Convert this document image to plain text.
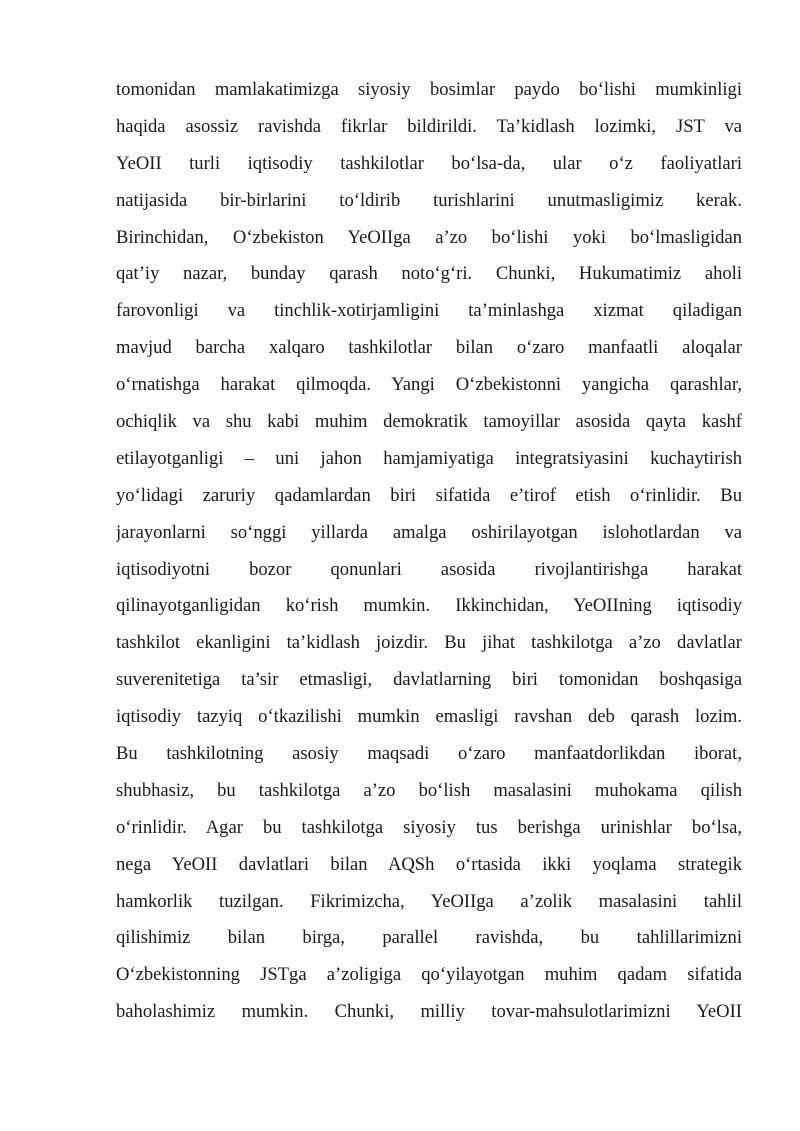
tomonidan mamlakatimizga siyosiy bosimlar paydo boʻlishi mumkinligi
haqida asossiz ravishda fikrlar bildirildi. Ta’kidlash lozimki, JST va
YeOII turli iqtisodiy tashkilotlar boʻlsa-da, ular oʻz faoliyatlari
natijasida bir-birlarini toʻldirib turishlarini unutmasligimiz kerak.
Birinchidan, Oʻzbekiston YeOIIga a’zo boʻlishi yoki boʻlmasligidan
qat’iy nazar, bunday qarash notoʻgʻri. Chunki, Hukumatimiz aholi
farovonligi va tinchlik-xotirjamligini ta’minlashga xizmat qiladigan
mavjud barcha xalqaro tashkilotlar bilan oʻzaro manfaatli aloqalar
oʻrnatishga harakat qilmoqda. Yangi Oʻzbekistonni yangicha qarashlar,
ochiqlik va shu kabi muhim demokratik tamoyillar asosida qayta kashf
etilayotganligi – uni jahon hamjamiyatiga integratsiyasini kuchaytirish
yoʻlidagi zaruriy qadamlardan biri sifatida e’tirof etish oʻrinlidir. Bu
jarayonlarni soʻnggi yillarda amalga oshirilayotgan islohotlardan va
iqtisodiyotni bozor qonunlari asosida rivojlantirishga harakat
qilinayotganligidan koʻrish mumkin. Ikkinchidan, YeOIIning iqtisodiy
tashkilot ekanligini ta’kidlash joizdir. Bu jihat tashkilotga a’zo davlatlar
suverenitetiga ta’sir etmasligi, davlatlarning biri tomonidan boshqasiga
iqtisodiy tazyiq oʻtkazilishi mumkin emasligi ravshan deb qarash lozim.
Bu tashkilotning asosiy maqsadi oʻzaro manfaatdorlikdan iborat,
shubhasiz, bu tashkilotga a’zo boʻlish masalasini muhokama qilish
oʻrinlidir. Agar bu tashkilotga siyosiy tus berishga urinishlar boʻlsa,
nega YeOII davlatlari bilan AQSh oʻrtasida ikki yoqlama strategik
hamkorlik tuzilgan. Fikrimizcha, YeOIIga a’zolik masalasini tahlil
qilishimiz bilan birga, parallel ravishda, bu tahlillarimizni
Oʻzbekistonning JSTga a’zoligiga qoʻyilayotgan muhim qadam sifatida
baholashimiz mumkin. Chunki, milliy tovar-mahsulotlarimizni YeOII
